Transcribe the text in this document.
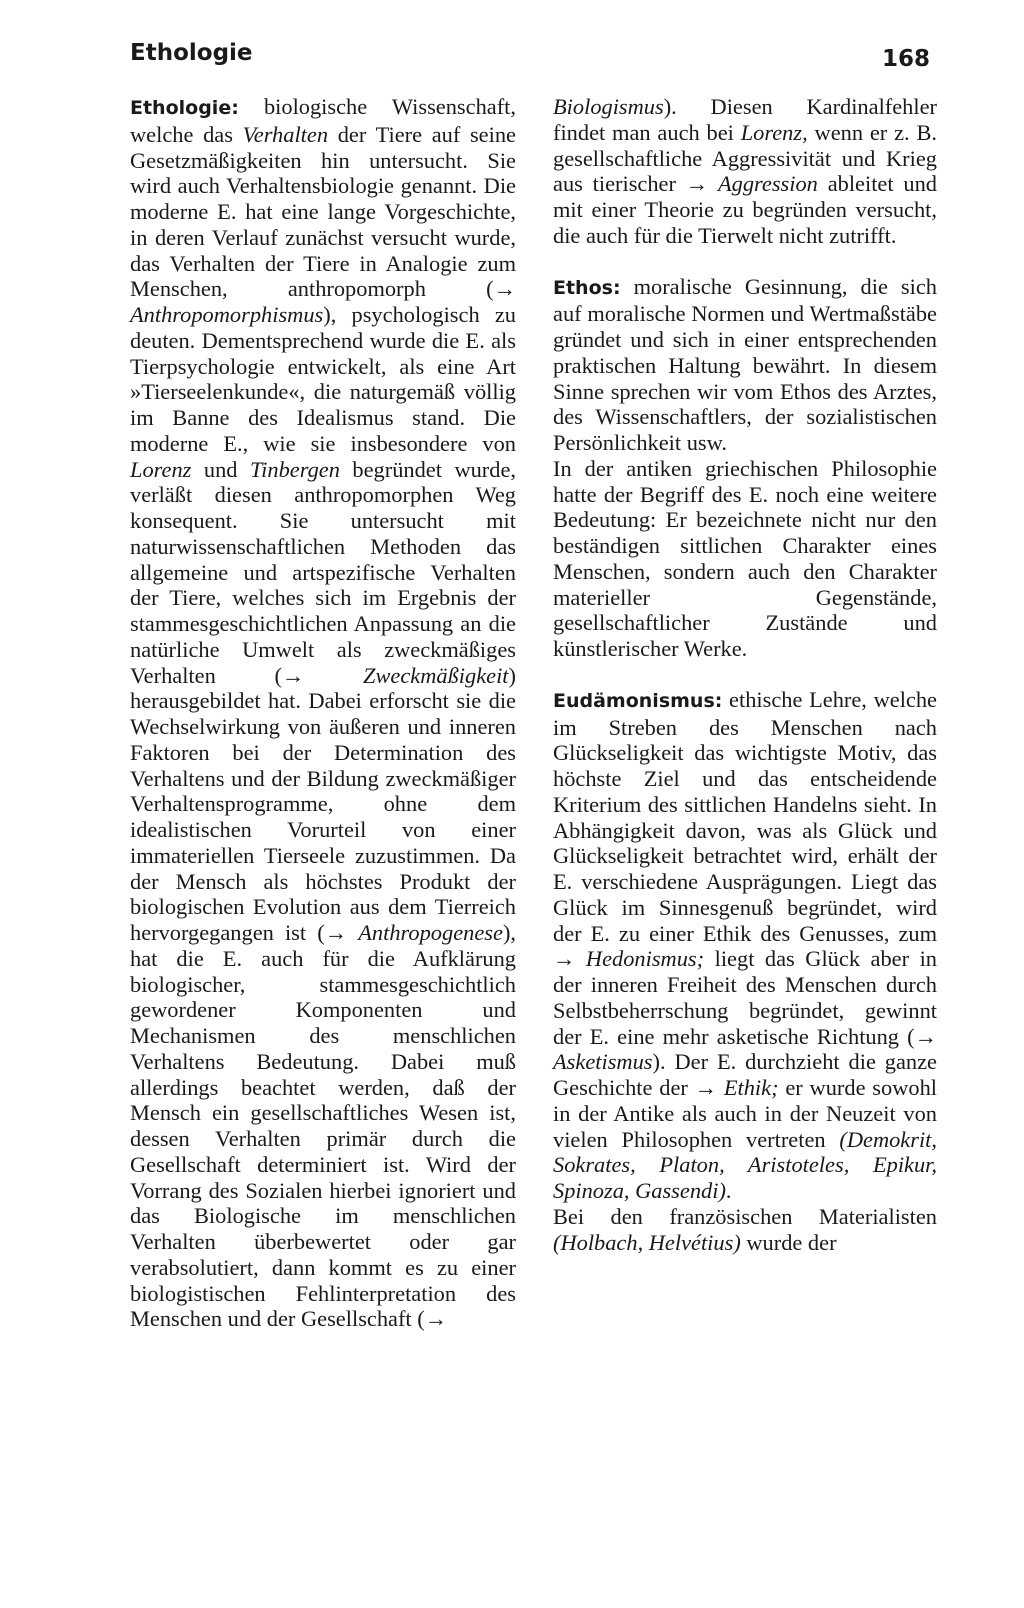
Ethologie	168

Ethologie: biologische Wissenschaft, welche das Verhalten der Tiere auf seine Gesetzmäßigkeiten hin untersucht. Sie wird auch Verhaltensbiologie genannt. Die moderne E. hat eine lange Vorgeschichte, in deren Verlauf zunächst versucht wurde, das Verhalten der Tiere in Analogie zum Menschen, anthropomorph (→ Anthropomorphismus), psychologisch zu deuten. Dementsprechend wurde die E. als Tierpsychologie entwickelt, als eine Art »Tierseelenkunde«, die naturgemäß völlig im Banne des Idealismus stand. Die moderne E., wie sie insbesondere von Lorenz und Tinbergen begründet wurde, verläßt diesen anthropomorphen Weg konsequent. Sie untersucht mit naturwissenschaftlichen Methoden das allgemeine und artspezifische Verhalten der Tiere, welches sich im Ergebnis der stammesgeschichtlichen Anpassung an die natürliche Umwelt als zweckmäßiges Verhalten (→ Zweckmäßigkeit) herausgebildet hat. Dabei erforscht sie die Wechselwirkung von äußeren und inneren Faktoren bei der Determination des Verhaltens und der Bildung zweckmäßiger Verhaltensprogramme, ohne dem idealistischen Vorurteil von einer immateriellen Tierseele zuzustimmen. Da der Mensch als höchstes Produkt der biologischen Evolution aus dem Tierreich hervorgegangen ist (→ Anthropogenese), hat die E. auch für die Aufklärung biologischer, stammesgeschichtlich gewordener Komponenten und Mechanismen des menschlichen Verhaltens Bedeutung. Dabei muß allerdings beachtet werden, daß der Mensch ein gesellschaftliches Wesen ist, dessen Verhalten primär durch die Gesellschaft determiniert ist. Wird der Vorrang des Sozialen hierbei ignoriert und das Biologische im menschlichen Verhalten überbewertet oder gar verabsolutiert, dann kommt es zu einer biologistischen Fehlinterpretation des Menschen und der Gesellschaft (→

Biologismus). Diesen Kardinalfehler findet man auch bei Lorenz, wenn er z. B. gesellschaftliche Aggressivität und Krieg aus tierischer → Aggression ableitet und mit einer Theorie zu begründen versucht, die auch für die Tierwelt nicht zutrifft.

Ethos: moralische Gesinnung, die sich auf moralische Normen und Wertmaßstäbe gründet und sich in einer entsprechenden praktischen Haltung bewährt. In diesem Sinne sprechen wir vom Ethos des Arztes, des Wissenschaftlers, der sozialistischen Persönlichkeit usw.

In der antiken griechischen Philosophie hatte der Begriff des E. noch eine weitere Bedeutung: Er bezeichnete nicht nur den beständigen sittlichen Charakter eines Menschen, sondern auch den Charakter materieller Gegenstände, gesellschaftlicher Zustände und künstlerischer Werke.

Eudämonismus: ethische Lehre, welche im Streben des Menschen nach Glückseligkeit das wichtigste Motiv, das höchste Ziel und das entscheidende Kriterium des sittlichen Handelns sieht. In Abhängigkeit davon, was als Glück und Glückseligkeit betrachtet wird, erhält der E. verschiedene Ausprägungen. Liegt das Glück im Sinnesgenuß begründet, wird der E. zu einer Ethik des Genusses, zum → Hedonismus; liegt das Glück aber in der inneren Freiheit des Menschen durch Selbstbeherrschung begründet, gewinnt der E. eine mehr asketische Richtung (→ Asketismus). Der E. durchzieht die ganze Geschichte der → Ethik; er wurde sowohl in der Antike als auch in der Neuzeit von vielen Philosophen vertreten (Demokrit, Sokrates, Platon, Aristoteles, Epikur, Spinoza, Gassendi).

Bei den französischen Materialisten (Holbach, Helvétius) wurde der
